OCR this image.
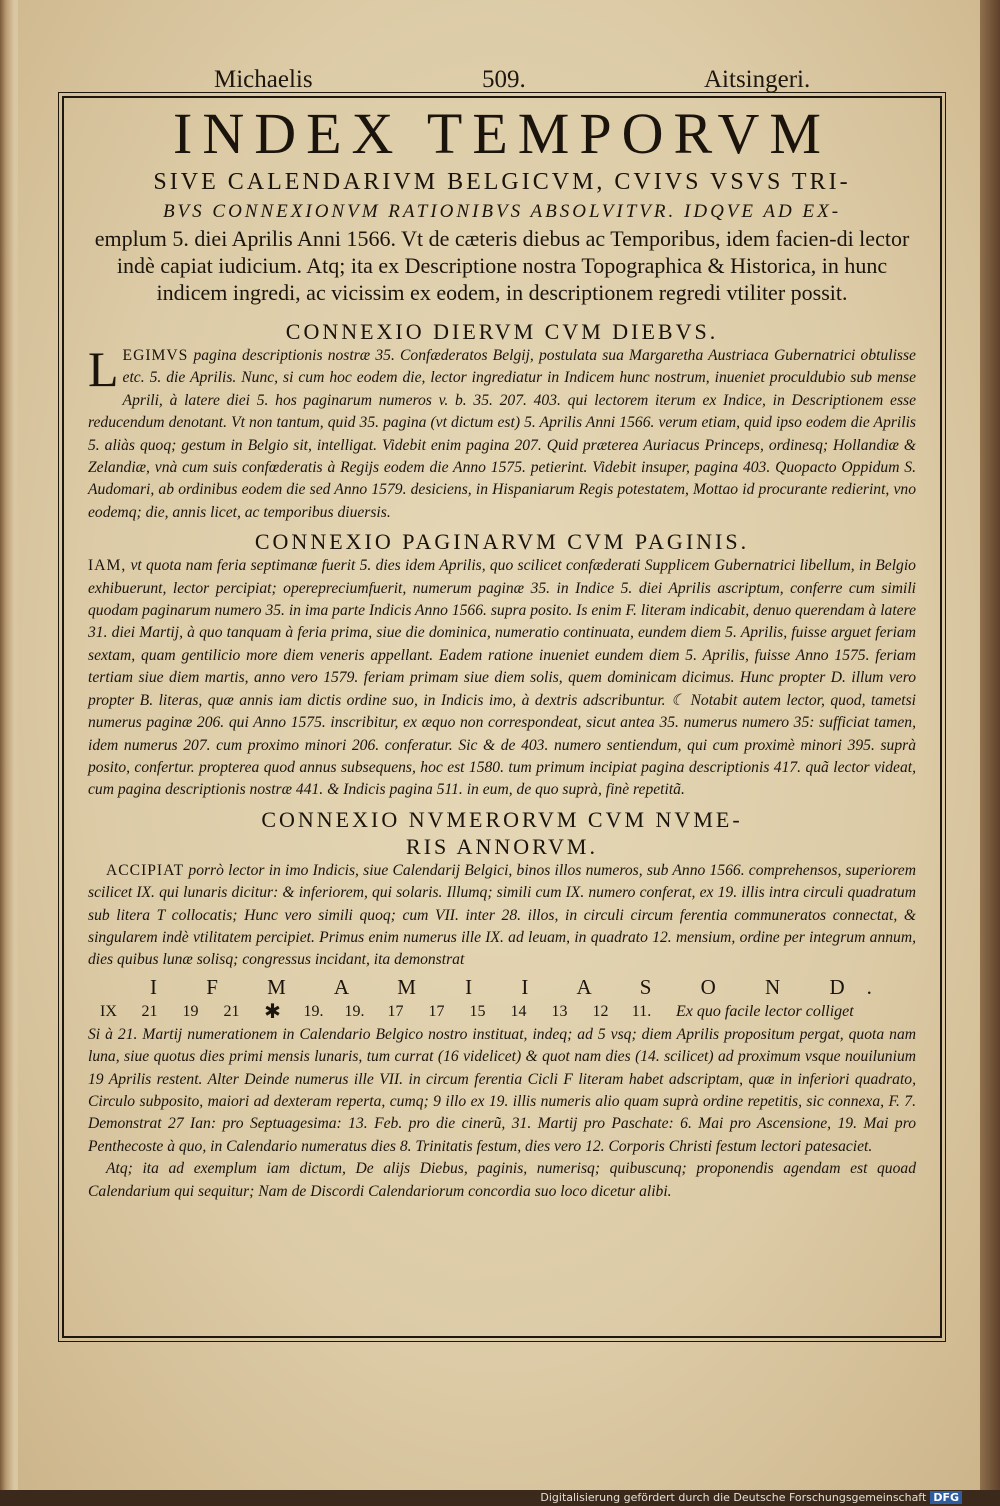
Michaelis	509.	Aitsingeri.
INDEX TEMPORVM
SIVE CALENDARIVM BELGICVM, CVIVS VSVS TRI-
BVS CONNEXIONVM RATIONIBVS ABSOLVITVR. IDQVE AD EX-
emplum 5. diei Aprilis Anni 1566. Vt de cæteris diebus ac Temporibus, idem facien-di lector indè capiat iudicium. Atq; ita ex Descriptione nostra Topographica & Historica, in hunc indicem ingredi, ac vicissim ex eodem, in descriptionem regredi vtiliter possit.
CONNEXIO DIERVM CVM DIEBVS.
LEGIMVS pagina descriptionis nostræ 35. Confæderatos Belgij, postulata sua Margaretha Austriaca Gubernatrici obtulisse etc. 5. die Aprilis. Nunc, si cum hoc eodem die, lector ingrediatur in Indicem hunc nostrum, inueniet proculdubio sub mense Aprili, à latere diei 5. hos paginarum numeros v. b. 35. 207. 403. qui lectorem iterum ex Indice, in Descriptionem esse reducendum denotant. Vt non tantum, quid 35. pagina (vt dictum est) 5. Aprilis Anni 1566. verum etiam, quid ipso eodem die Aprilis 5. aliàs quoq; gestum in Belgio sit, intelligat. Videbit enim pagina 207. Quid præterea Auriacus Princeps, ordinesq; Hollandiæ & Zelandiæ, vnà cum suis confœderatis à Regijs eodem die Anno 1575. petierint. Videbit insuper, pagina 403. Quopacto Oppidum S. Audomari, ab ordinibus eodem die sed Anno 1579. desiciens, in Hispaniarum Regis potestatem, Mottao id procurante redierint, vno eodemq; die, annis licet, ac temporibus diuersis.
CONNEXIO PAGINARVM CVM PAGINIS.
IAM, vt quota nam feria septimanæ fuerit 5. dies idem Aprilis, quo scilicet confæderati Supplicem Gubernatrici libellum, in Belgio exhibuerunt, lector percipiat; operepreciumfuerit, numerum paginæ 35. in Indice 5. diei Aprilis ascriptum, conferre cum simili quodam paginarum numero 35. in ima parte Indicis Anno 1566. supra posito. Is enim F. literam indicabit, denuo querendam à latere 31. diei Martij, à quo tanquam à feria prima, siue die dominica, numeratio continuata, eundem diem 5. Aprilis, fuisse arguet feriam sextam, quam gentilicio more diem veneris appellant. Eadem ratione inueniet eundem diem 5. Aprilis, fuisse Anno 1575. feriam tertiam siue diem martis, anno vero 1579. feriam primam siue diem solis, quem dominicam dicimus. Hunc propter D. illum vero propter B. literas, quæ annis iam dictis ordine suo, in Indicis imo, à dextris adscribuntur. ☾ Notabit autem lector, quod, tametsi numerus paginæ 206. qui Anno 1575. inscribitur, ex æquo non correspondeat, sicut antea 35. numerus numero 35: sufficiat tamen, idem numerus 207. cum proximo minori 206. conferatur. Sic & de 403. numero sentiendum, qui cum proximè minori 395. suprà posito, confertur. propterea quod annus subsequens, hoc est 1580. tum primum incipiat pagina descriptionis 417. quã lector videat, cum pagina descriptionis nostræ 441. & Indicis pagina 511. in eum, de quo suprà, finè repetitã.
CONNEXIO NVMERORVM CVM NVME-
RIS ANNORVM.
ACCIPIAT porrò lector in imo Indicis, siue Calendarij Belgici, binos illos numeros, sub Anno 1566. comprehensos, superiorem scilicet IX. qui lunaris dicitur: & inferiorem, qui solaris. Illumq; simili cum IX. numero conferat, ex 19. illis intra circuli quadratum sub litera T collocatis; Hunc vero simili quoq; cum VII. inter 28. illos, in circuli circum ferentia communeratos connectat, & singularem indè vtilitatem percipiet. Primus enim numerus ille IX. ad leuam, in quadrato 12. mensium, ordine per integrum annum, dies quibus lunæ solisq; congressus incidant, ita demonstrat
I F M A M I I A S O N D.
IX	21	19	21	✱	19.	19.	17	17	15	14	13	12	11.	Ex quo facile lector colliget
Si à 21. Martij numerationem in Calendario Belgico nostro instituat, indeq; ad 5 vsq; diem Aprilis propositum pergat, quota nam luna, siue quotus dies primi mensis lunaris, tum currat (16 videlicet) & quot nam dies (14. scilicet) ad proximum vsque nouilunium 19 Aprilis restent. Alter Deinde numerus ille VII. in circum ferentia Cicli F literam habet adscriptam, quæ in inferiori quadrato, Circulo subposito, maiori ad dexteram reperta, cumq; 9 illo ex 19. illis numeris alio quam suprà ordine repetitis, sic connexa, F. 7. Demonstrat 27 Ian: pro Septuagesima: 13. Feb. pro die cinerũ, 31. Martij pro Paschate: 6. Mai pro Ascensione, 19. Mai pro Penthecoste à quo, in Calendario numeratus dies 8. Trinitatis festum, dies vero 12. Corporis Christi festum lectori patesaciet.
Atq; ita ad exemplum iam dictum, De alijs Diebus, paginis, numerisq; quibuscunq; proponendis agendam est quoad Calendarium qui sequitur; Nam de Discordi Calendariorum concordia suo loco dicetur alibi.
Digitalisierung gefördert durch die Deutsche Forschungsgemeinschaft DFG
